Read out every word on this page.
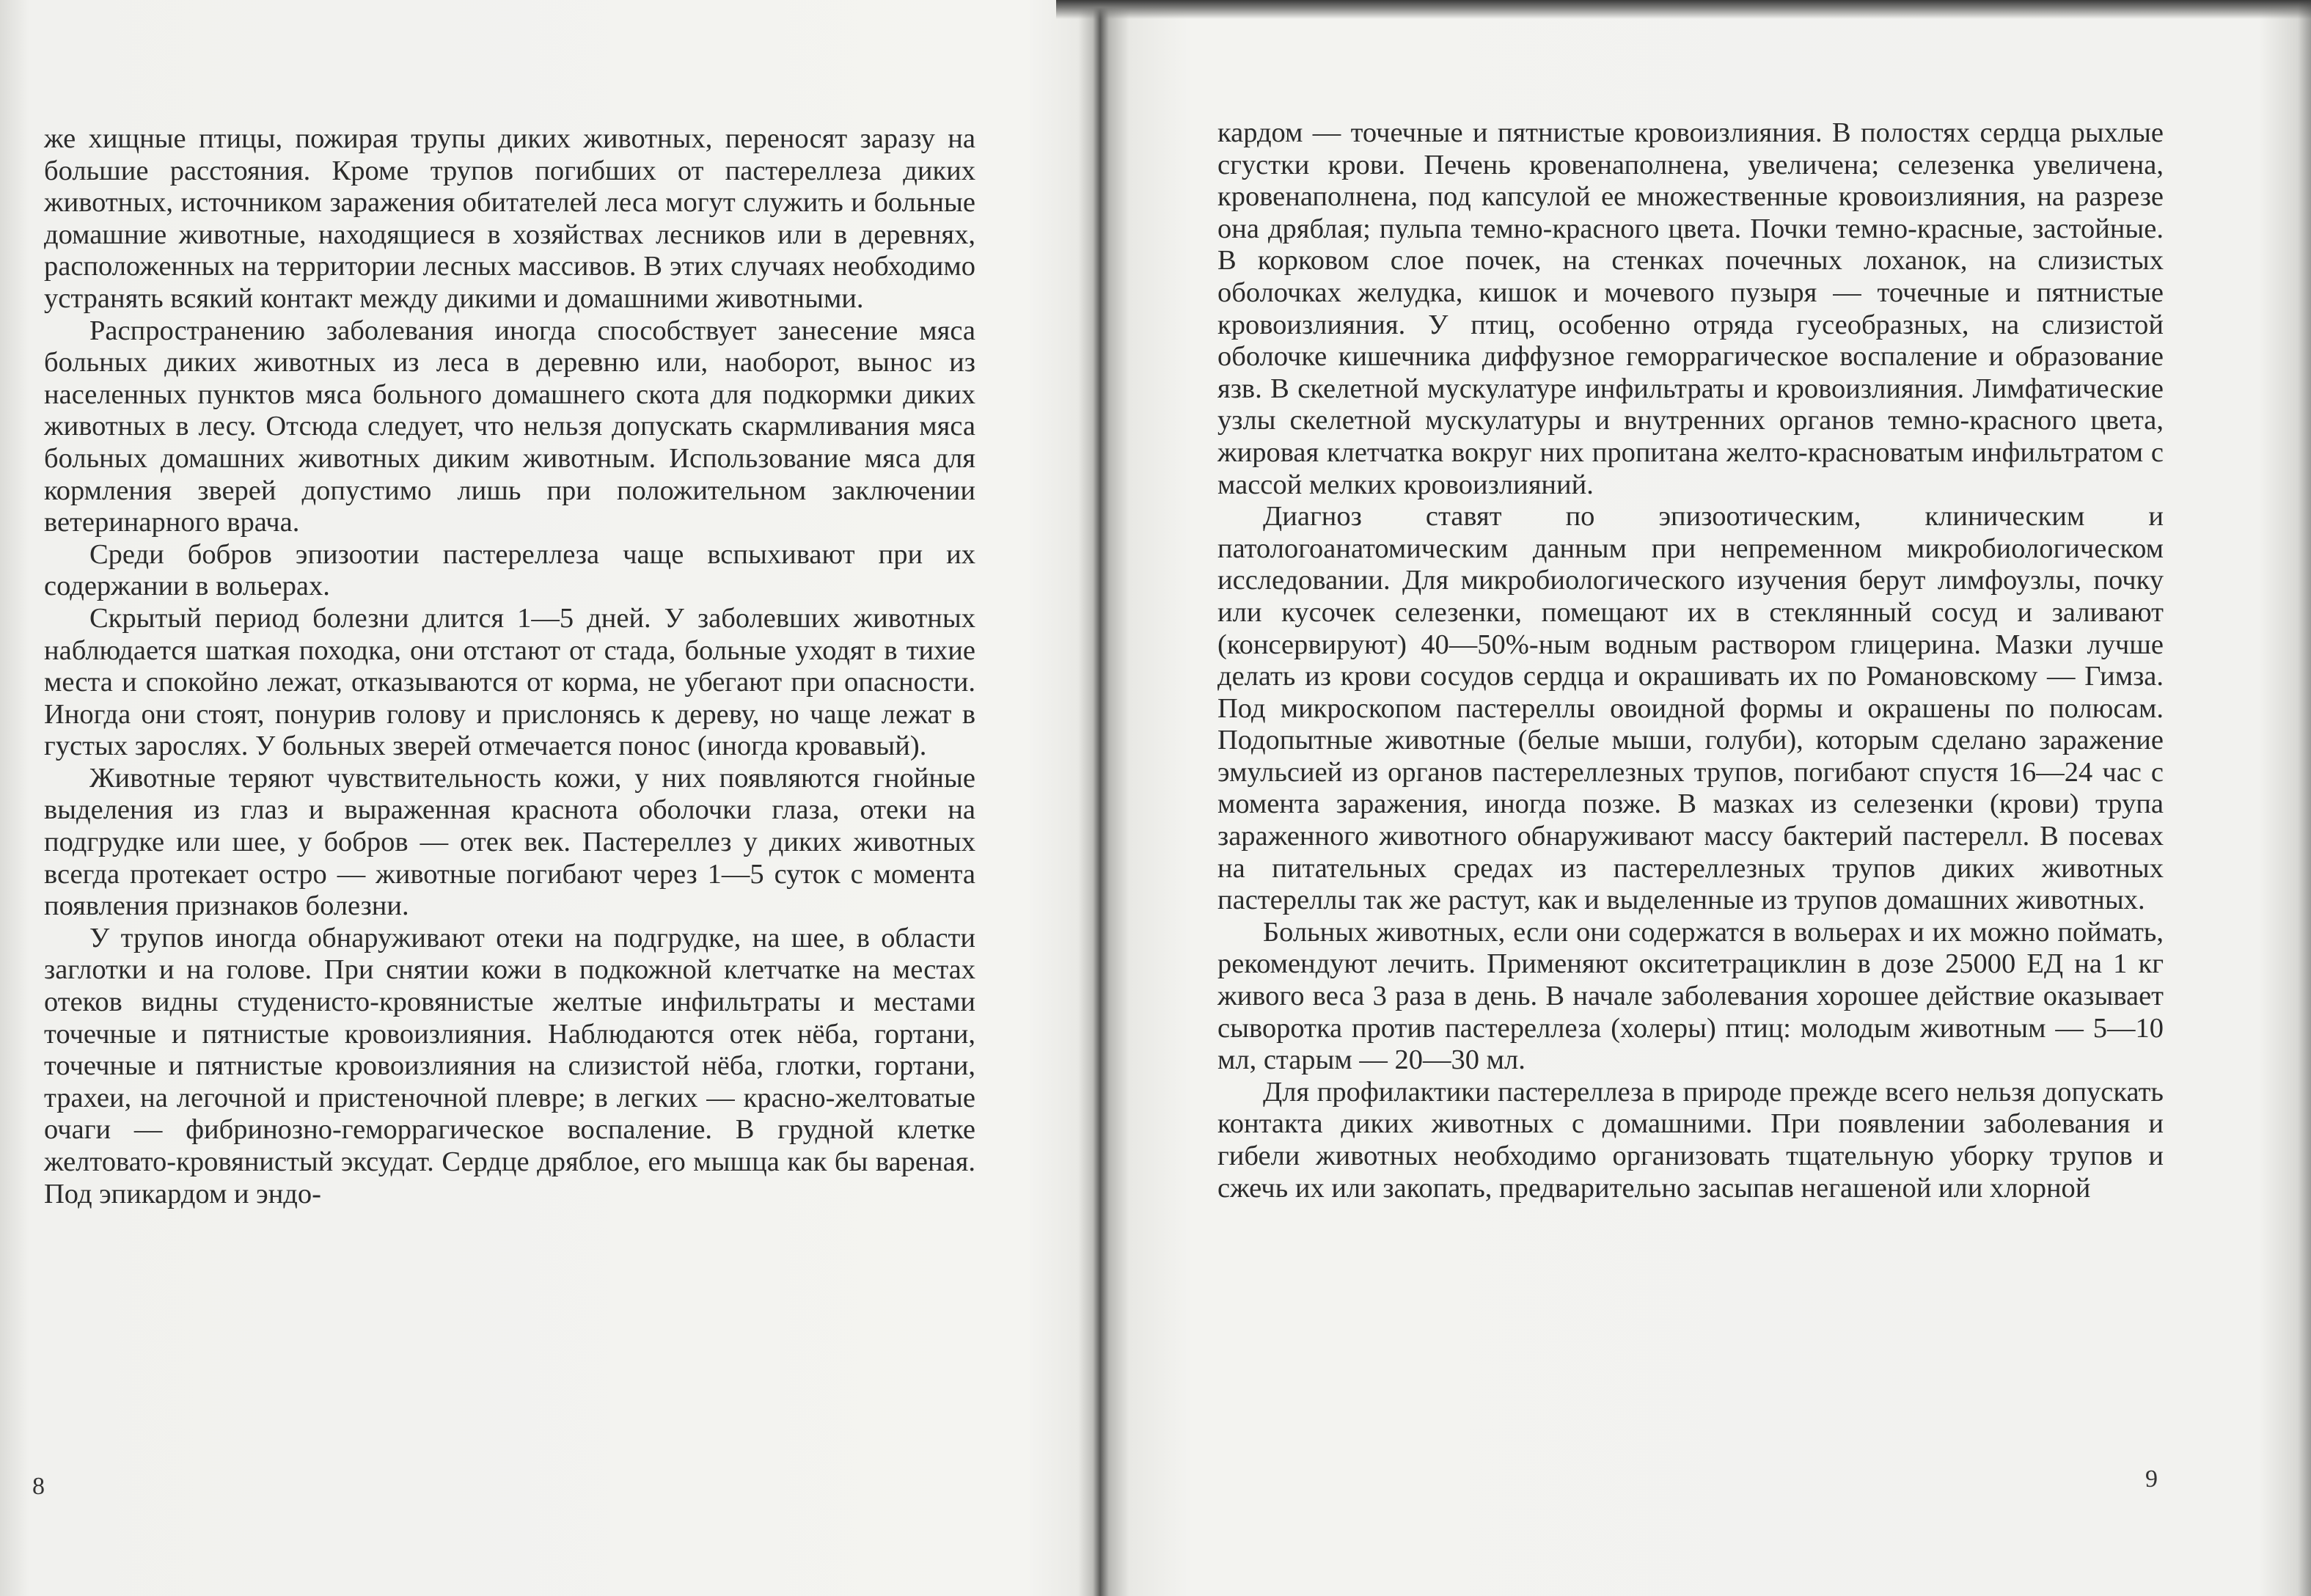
же хищные птицы, пожирая трупы диких животных, переносят заразу на большие расстояния. Кроме трупов погибших от пастереллеза диких животных, источником заражения обитателей леса могут служить и больные домашние животные, находящиеся в хозяйствах лесников или в деревнях, расположенных на территории лесных массивов. В этих случаях необходимо устранять всякий контакт между дикими и домашними животными.

Распространению заболевания иногда способствует занесение мяса больных диких животных из леса в деревню или, наоборот, вынос из населенных пунктов мяса больного домашнего скота для подкормки диких животных в лесу. Отсюда следует, что нельзя допускать скармливания мяса больных домашних животных диким животным. Использование мяса для кормления зверей допустимо лишь при положительном заключении ветеринарного врача.

Среди бобров эпизоотии пастереллеза чаще вспыхивают при их содержании в вольерах.

Скрытый период болезни длится 1—5 дней. У заболевших животных наблюдается шаткая походка, они отстают от стада, больные уходят в тихие места и спокойно лежат, отказываются от корма, не убегают при опасности. Иногда они стоят, понурив голову и прислонясь к дереву, но чаще лежат в густых зарослях. У больных зверей отмечается понос (иногда кровавый).

Животные теряют чувствительность кожи, у них появляются гнойные выделения из глаз и выраженная краснота оболочки глаза, отеки на подгрудке или шее, у бобров — отек век. Пастереллез у диких животных всегда протекает остро — животные погибают через 1—5 суток с момента появления признаков болезни.

У трупов иногда обнаруживают отеки на подгрудке, на шее, в области заглотки и на голове. При снятии кожи в подкожной клетчатке на местах отеков видны студенисто-кровянистые желтые инфильтраты и местами точечные и пятнистые кровоизлияния. Наблюдаются отек нёба, гортани, точечные и пятнистые кровоизлияния на слизистой нёба, глотки, гортани, трахеи, на легочной и пристеночной плевре; в легких — красно-желтоватые очаги — фибринозно-геморрагическое воспаление. В грудной клетке желтовато-кровянистый эксудат. Сердце дряблое, его мышца как бы вареная. Под эпикардом и эндо-

8

кардом — точечные и пятнистые кровоизлияния. В полостях сердца рыхлые сгустки крови. Печень кровенаполнена, увеличена; селезенка увеличена, кровенаполнена, под капсулой ее множественные кровоизлияния, на разрезе она дряблая; пульпа темно-красного цвета. Почки темно-красные, застойные. В корковом слое почек, на стенках почечных лоханок, на слизистых оболочках желудка, кишок и мочевого пузыря — точечные и пятнистые кровоизлияния. У птиц, особенно отряда гусеобразных, на слизистой оболочке кишечника диффузное геморрагическое воспаление и образование язв. В скелетной мускулатуре инфильтраты и кровоизлияния. Лимфатические узлы скелетной мускулатуры и внутренних органов темно-красного цвета, жировая клетчатка вокруг них пропитана желто-красноватым инфильтратом с массой мелких кровоизлияний.

Диагноз ставят по эпизоотическим, клиническим и патологоанатомическим данным при непременном микробиологическом исследовании. Для микробиологического изучения берут лимфоузлы, почку или кусочек селезенки, помещают их в стеклянный сосуд и заливают (консервируют) 40—50%-ным водным раствором глицерина. Мазки лучше делать из крови сосудов сердца и окрашивать их по Романовскому — Гимза. Под микроскопом пастереллы овоидной формы и окрашены по полюсам. Подопытные животные (белые мыши, голуби), которым сделано заражение эмульсией из органов пастереллезных трупов, погибают спустя 16—24 час с момента заражения, иногда позже. В мазках из селезенки (крови) трупа зараженного животного обнаруживают массу бактерий пастерелл. В посевах на питательных средах из пастереллезных трупов диких животных пастереллы так же растут, как и выделенные из трупов домашних животных.

Больных животных, если они содержатся в вольерах и их можно поймать, рекомендуют лечить. Применяют окситетрациклин в дозе 25000 ЕД на 1 кг живого веса 3 раза в день. В начале заболевания хорошее действие оказывает сыворотка против пастереллеза (холеры) птиц: молодым животным — 5—10 мл, старым — 20—30 мл.

Для профилактики пастереллеза в природе прежде всего нельзя допускать контакта диких животных с домашними. При появлении заболевания и гибели животных необходимо организовать тщательную уборку трупов и сжечь их или закопать, предварительно засыпав негашеной или хлорной

9
